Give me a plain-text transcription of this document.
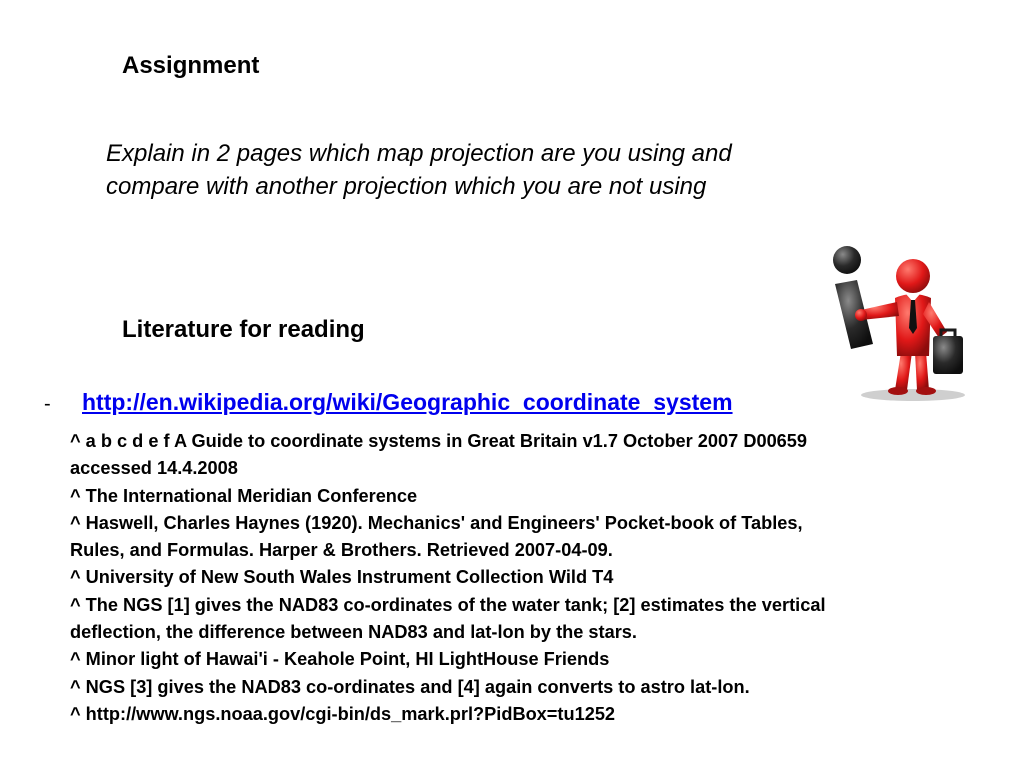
Assignment

Explain in 2 pages which map projection are you using and
compare with another projection which you are not using

Literature for reading
- http://en.wikipedia.org/wiki/Geographic_coordinate_system
^ a b c d e f A Guide to coordinate systems in Great Britain v1.7 October 2007 D00659
accessed 14.4.2008
^ The International Meridian Conference
^ Haswell, Charles Haynes (1920). Mechanics' and Engineers' Pocket-book of Tables,
Rules, and Formulas. Harper & Brothers. Retrieved 2007-04-09.
^ University of New South Wales Instrument Collection Wild T4
^ The NGS [1] gives the NAD83 co-ordinates of the water tank; [2] estimates the vertical
deflection, the difference between NAD83 and lat-lon by the stars.
^ Minor light of Hawai'i - Keahole Point, HI LightHouse Friends
^ NGS [3] gives the NAD83 co-ordinates and [4] again converts to astro lat-lon.
^ http://www.ngs.noaa.gov/cgi-bin/ds_mark.prl?PidBox=tu1252
